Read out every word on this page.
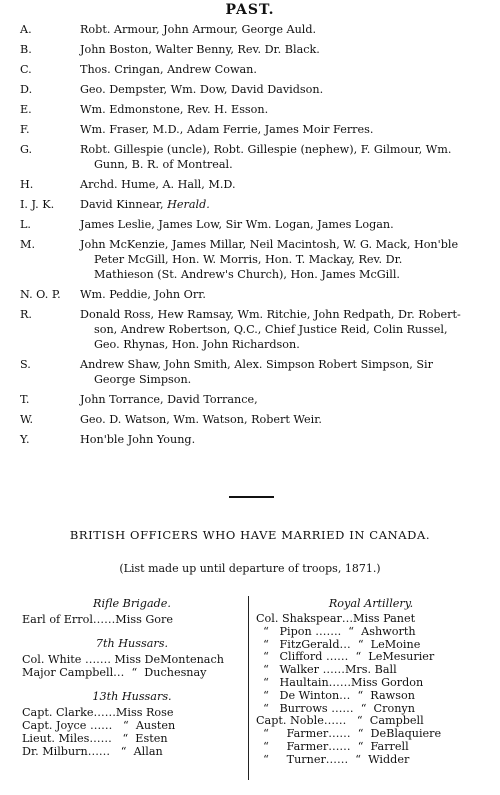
PAST.
A.	Robt. Armour, John Armour, George Auld.
B.	John Boston, Walter Benny, Rev. Dr. Black.
C.	Thos. Cringan, Andrew Cowan.
D.	Geo. Dempster, Wm. Dow, David Davidson.
E.	Wm. Edmonstone, Rev. H. Esson.
F.	Wm. Fraser, M.D., Adam Ferrie, James Moir Ferres.
G.	Robt. Gillespie (uncle), Robt. Gillespie (nephew), F. Gilmour, Wm.
Gunn, B. R. of Montreal.
H.	Archd. Hume, A. Hall, M.D.
I. J. K.	David Kinnear, Herald.
L.	James Leslie, James Low, Sir Wm. Logan, James Logan.
M.	John McKenzie, James Millar, Neil Macintosh, W. G. Mack, Hon'ble
Peter McGill, Hon. W. Morris, Hon. T. Mackay, Rev. Dr.
Mathieson (St. Andrew's Church), Hon. James McGill.
N. O. P.	Wm. Peddie, John Orr.
R.	Donald Ross, Hew Ramsay, Wm. Ritchie, John Redpath, Dr. Robert-
son, Andrew Robertson, Q.C., Chief Justice Reid, Colin Russel,
Geo. Rhynas, Hon. John Richardson.
S.	Andrew Shaw, John Smith, Alex. Simpson Robert Simpson, Sir
George Simpson.
T.	John Torrance, David Torrance,
W.	Geo. D. Watson, Wm. Watson, Robert Weir.
Y.	Hon'ble John Young.
BRITISH OFFICERS WHO HAVE MARRIED IN CANADA.
(List made up until departure of troops, 1871.)
Rifle Brigade.
Earl of Errol……Miss Gore
7th Hussars.
Col. White ……. Miss DeMontenach
Major Campbell…  “  Duchesnay
13th Hussars.
Capt. Clarke……Miss Rose
Capt. Joyce ……   “  Austen
Lieut. Miles……   “  Esten
Dr. Milburn……   “  Allan
Royal Artillery.
Col. Shakspear…Miss Panet
“   Pipon …….  “  Ashworth
“   FitzGerald…  “  LeMoine
“   Clifford ……  “  LeMesurier
“   Walker ……Mrs. Ball
“   Haultain……Miss Gordon
“   De Winton…  “  Rawson
“   Burrows ……  “  Cronyn
Capt. Noble……   “  Campbell
“     Farmer……  “  DeBlaquiere
“     Farmer……  “  Farrell
“     Turner……  “  Widder
